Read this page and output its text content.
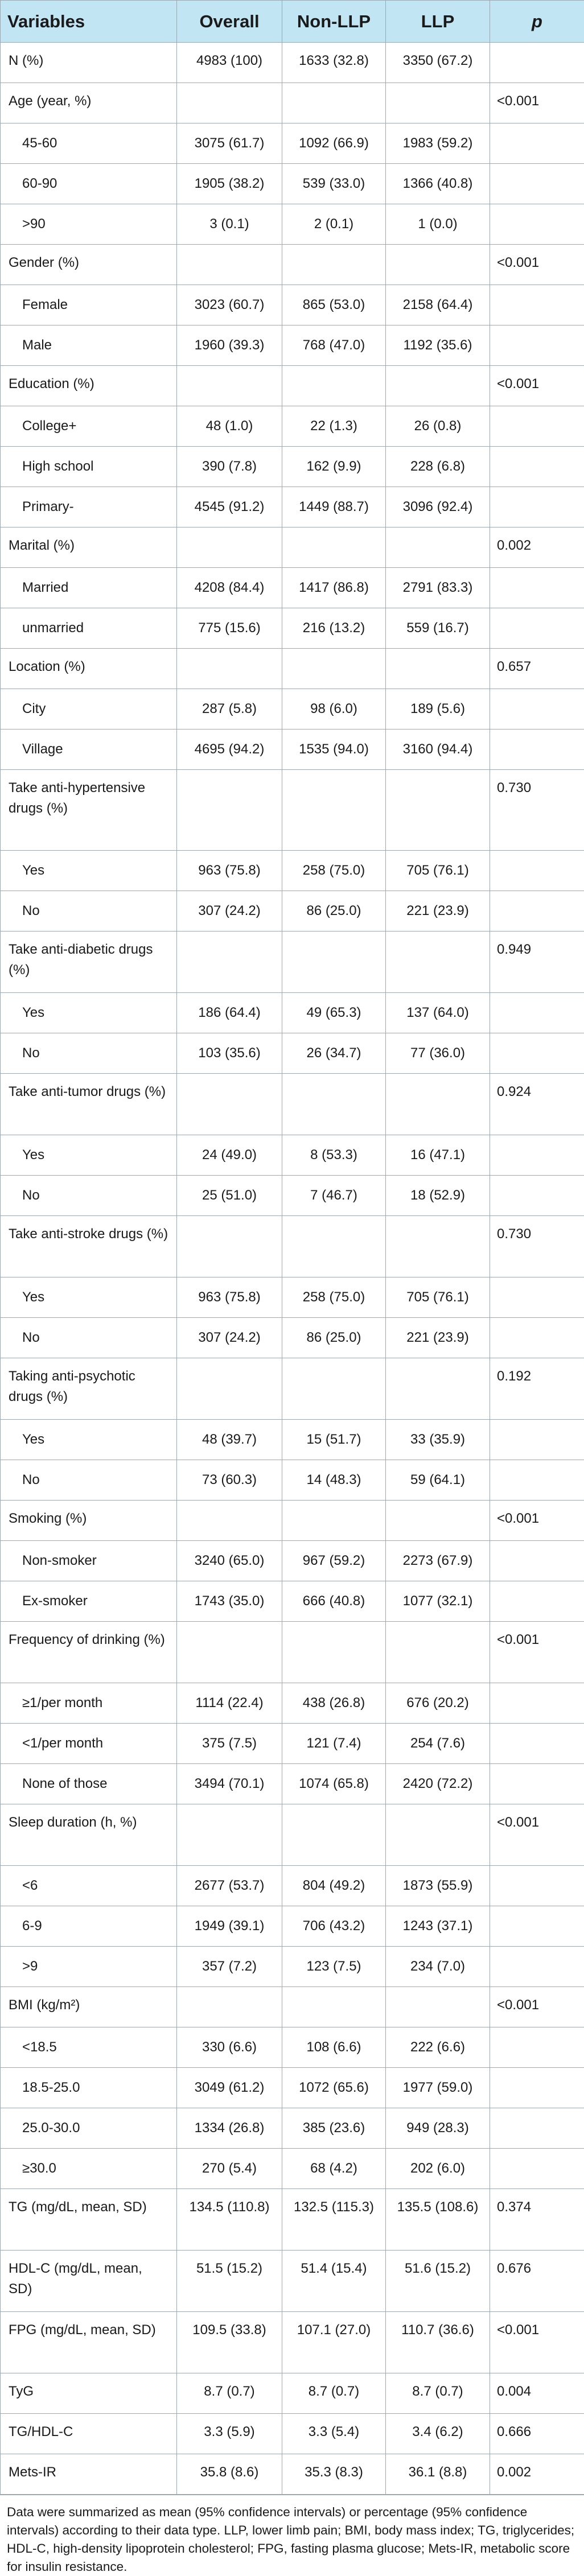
Variables	Overall	Non-LLP	LLP	p
N (%)	4983 (100)	1633 (32.8)	3350 (67.2)	
Age (year, %)				<0.001
45-60	3075 (61.7)	1092 (66.9)	1983 (59.2)	
60-90	1905 (38.2)	539 (33.0)	1366 (40.8)	
>90	3 (0.1)	2 (0.1)	1 (0.0)	
Gender (%)				<0.001
Female	3023 (60.7)	865 (53.0)	2158 (64.4)	
Male	1960 (39.3)	768 (47.0)	1192 (35.6)	
Education (%)				<0.001
College+	48 (1.0)	22 (1.3)	26 (0.8)	
High school	390 (7.8)	162 (9.9)	228 (6.8)	
Primary-	4545 (91.2)	1449 (88.7)	3096 (92.4)	
Marital (%)				0.002
Married	4208 (84.4)	1417 (86.8)	2791 (83.3)	
unmarried	775 (15.6)	216 (13.2)	559 (16.7)	
Location (%)				0.657
City	287 (5.8)	98 (6.0)	189 (5.6)	
Village	4695 (94.2)	1535 (94.0)	3160 (94.4)	
Take anti-hypertensive drugs (%)				0.730
Yes	963 (75.8)	258 (75.0)	705 (76.1)	
No	307 (24.2)	86 (25.0)	221 (23.9)	
Take anti-diabetic drugs (%)				0.949
Yes	186 (64.4)	49 (65.3)	137 (64.0)	
No	103 (35.6)	26 (34.7)	77 (36.0)	
Take anti-tumor drugs (%)				0.924
Yes	24 (49.0)	8 (53.3)	16 (47.1)	
No	25 (51.0)	7 (46.7)	18 (52.9)	
Take anti-stroke drugs (%)				0.730
Yes	963 (75.8)	258 (75.0)	705 (76.1)	
No	307 (24.2)	86 (25.0)	221 (23.9)	
Taking anti-psychotic drugs (%)				0.192
Yes	48 (39.7)	15 (51.7)	33 (35.9)	
No	73 (60.3)	14 (48.3)	59 (64.1)	
Smoking (%)				<0.001
Non-smoker	3240 (65.0)	967 (59.2)	2273 (67.9)	
Ex-smoker	1743 (35.0)	666 (40.8)	1077 (32.1)	
Frequency of drinking (%)				<0.001
≥1/per month	1114 (22.4)	438 (26.8)	676 (20.2)	
<1/per month	375 (7.5)	121 (7.4)	254 (7.6)	
None of those	3494 (70.1)	1074 (65.8)	2420 (72.2)	
Sleep duration (h, %)				<0.001
<6	2677 (53.7)	804 (49.2)	1873 (55.9)	
6-9	1949 (39.1)	706 (43.2)	1243 (37.1)	
>9	357 (7.2)	123 (7.5)	234 (7.0)	
BMI (kg/m²)				<0.001
<18.5	330 (6.6)	108 (6.6)	222 (6.6)	
18.5-25.0	3049 (61.2)	1072 (65.6)	1977 (59.0)	
25.0-30.0	1334 (26.8)	385 (23.6)	949 (28.3)	
≥30.0	270 (5.4)	68 (4.2)	202 (6.0)	
TG (mg/dL, mean, SD)	134.5 (110.8)	132.5 (115.3)	135.5 (108.6)	0.374
HDL-C (mg/dL, mean, SD)	51.5 (15.2)	51.4 (15.4)	51.6 (15.2)	0.676
FPG (mg/dL, mean, SD)	109.5 (33.8)	107.1 (27.0)	110.7 (36.6)	<0.001
TyG	8.7 (0.7)	8.7 (0.7)	8.7 (0.7)	0.004
TG/HDL-C	3.3 (5.9)	3.3 (5.4)	3.4 (6.2)	0.666
Mets-IR	35.8 (8.6)	35.3 (8.3)	36.1 (8.8)	0.002
Data were summarized as mean (95% confidence intervals) or percentage (95% confidence intervals) according to their data type. LLP, lower limb pain; BMI, body mass index; TG, triglycerides; HDL-C, high-density lipoprotein cholesterol; FPG, fasting plasma glucose; Mets-IR, metabolic score for insulin resistance.
